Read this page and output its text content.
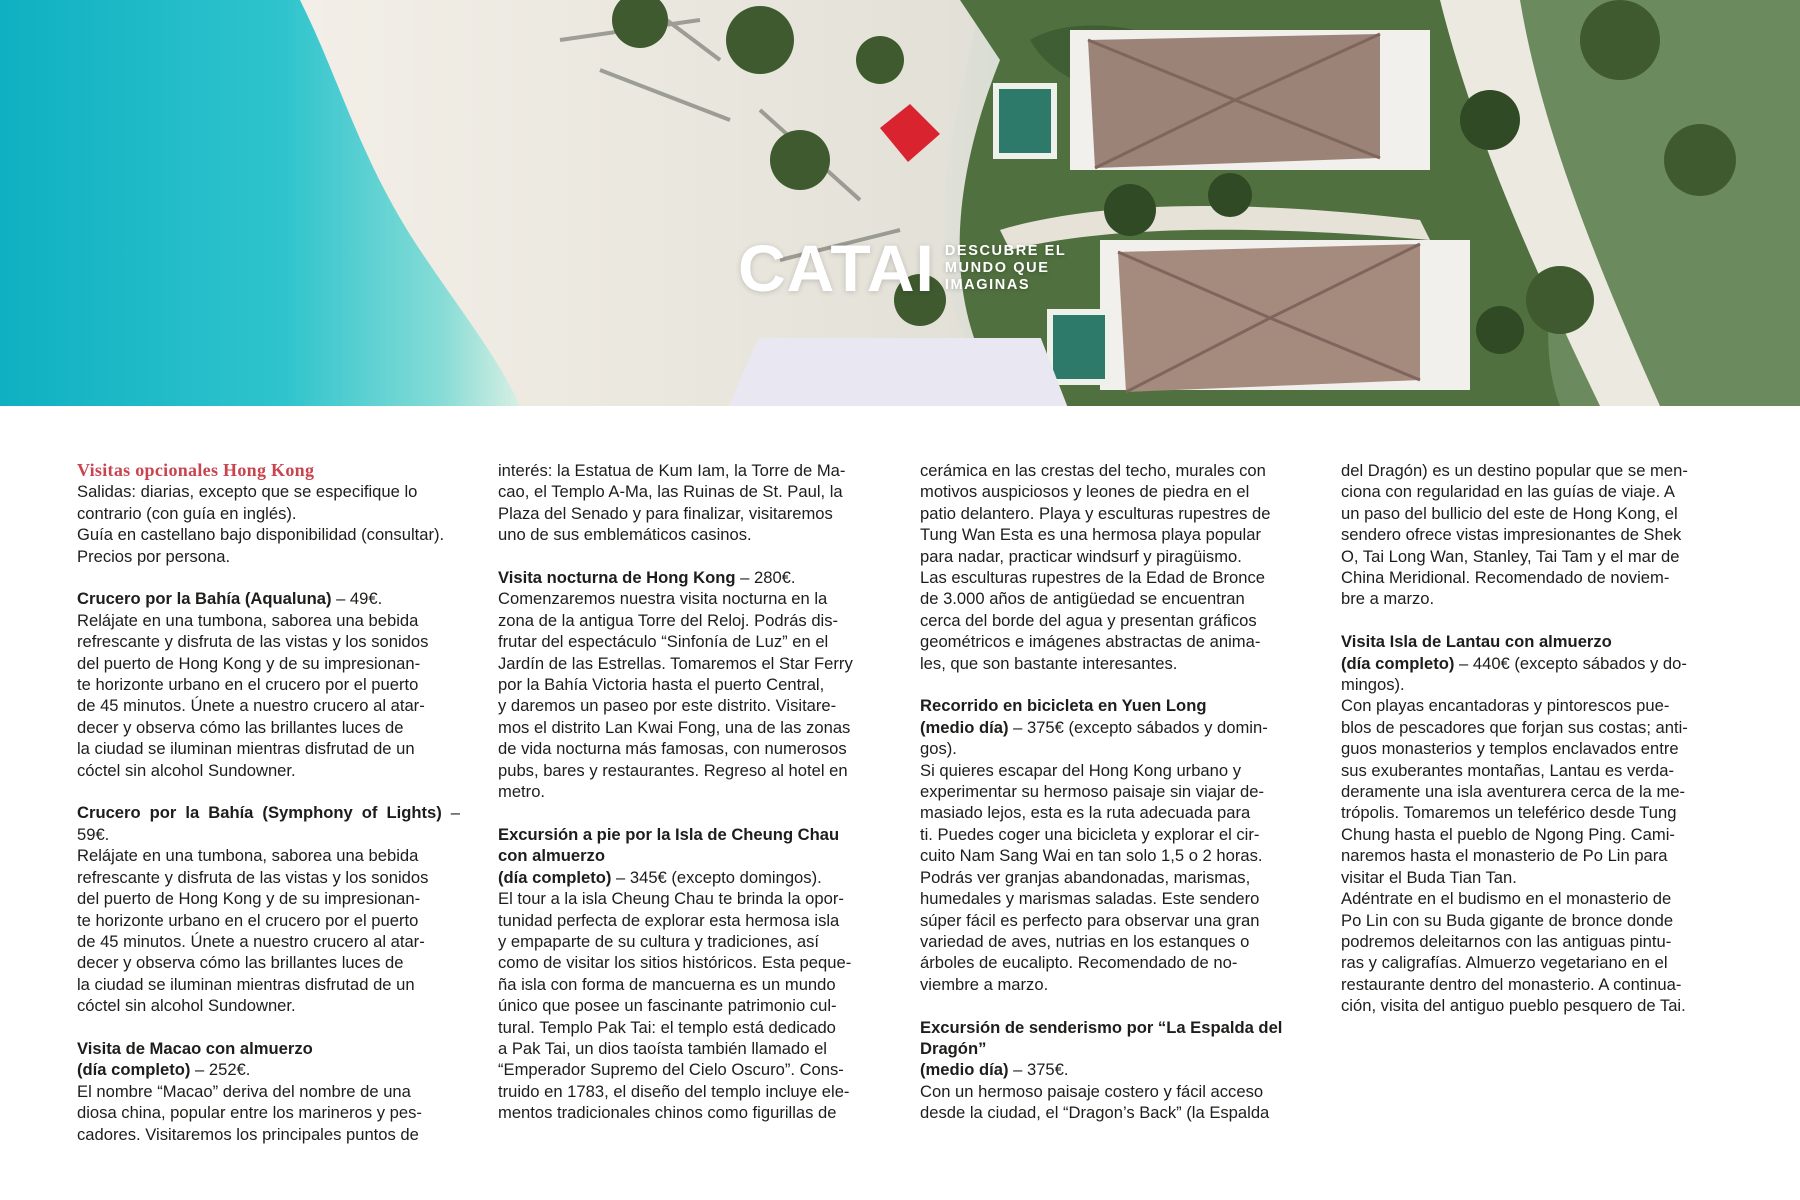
CATAI DESCUBRE EL
MUNDO QUE
IMAGINAS

Visitas opcionales Hong Kong

Salidas: diarias, excepto que se especifique lo

contrario (con guía en inglés).

Guía en castellano bajo disponibilidad (consultar).

Precios por persona.

Crucero por la Bahía (Aqualuna) – 49€.

Relájate en una tumbona, saborea una bebida

refrescante y disfruta de las vistas y los sonidos

del puerto de Hong Kong y de su impresionan-

te horizonte urbano en el crucero por el puerto

de 45 minutos. Únete a nuestro crucero al atar-

decer y observa cómo las brillantes luces de

la ciudad se iluminan mientras disfrutad de un

cóctel sin alcohol Sundowner.

Crucero por la Bahía (Symphony of Lights) – 59€.

Relájate en una tumbona, saborea una bebida

refrescante y disfruta de las vistas y los sonidos

del puerto de Hong Kong y de su impresionan-

te horizonte urbano en el crucero por el puerto

de 45 minutos. Únete a nuestro crucero al atar-

decer y observa cómo las brillantes luces de

la ciudad se iluminan mientras disfrutad de un

cóctel sin alcohol Sundowner.

Visita de Macao con almuerzo

(día completo) – 252€.

El nombre “Macao” deriva del nombre de una

diosa china, popular entre los marineros y pes-

cadores. Visitaremos los principales puntos de

interés: la Estatua de Kum Iam, la Torre de Ma-

cao, el Templo A-Ma, las Ruinas de St. Paul, la

Plaza del Senado y para finalizar, visitaremos

uno de sus emblemáticos casinos.

Visita nocturna de Hong Kong – 280€.

Comenzaremos nuestra visita nocturna en la

zona de la antigua Torre del Reloj. Podrás dis-

frutar del espectáculo “Sinfonía de Luz” en el

Jardín de las Estrellas. Tomaremos el Star Ferry

por la Bahía Victoria hasta el puerto Central,

y daremos un paseo por este distrito. Visitare-

mos el distrito Lan Kwai Fong, una de las zonas

de vida nocturna más famosas, con numerosos

pubs, bares y restaurantes. Regreso al hotel en

metro.

Excursión a pie por la Isla de Cheung Chau

con almuerzo

(día completo) – 345€ (excepto domingos).

El tour a la isla Cheung Chau te brinda la opor-

tunidad perfecta de explorar esta hermosa isla

y empaparte de su cultura y tradiciones, así

como de visitar los sitios históricos. Esta peque-

ña isla con forma de mancuerna es un mundo

único que posee un fascinante patrimonio cul-

tural. Templo Pak Tai: el templo está dedicado

a Pak Tai, un dios taoísta también llamado el

“Emperador Supremo del Cielo Oscuro”. Cons-

truido en 1783, el diseño del templo incluye ele-

mentos tradicionales chinos como figurillas de

cerámica en las crestas del techo, murales con

motivos auspiciosos y leones de piedra en el

patio delantero. Playa y esculturas rupestres de

Tung Wan Esta es una hermosa playa popular

para nadar, practicar windsurf y piragüismo.

Las esculturas rupestres de la Edad de Bronce

de 3.000 años de antigüedad se encuentran

cerca del borde del agua y presentan gráficos

geométricos e imágenes abstractas de anima-

les, que son bastante interesantes.

Recorrido en bicicleta en Yuen Long

(medio día) – 375€ (excepto sábados y domin-

gos).

Si quieres escapar del Hong Kong urbano y

experimentar su hermoso paisaje sin viajar de-

masiado lejos, esta es la ruta adecuada para

ti. Puedes coger una bicicleta y explorar el cir-

cuito Nam Sang Wai en tan solo 1,5 o 2 horas.

Podrás ver granjas abandonadas, marismas,

humedales y marismas saladas. Este sendero

súper fácil es perfecto para observar una gran

variedad de aves, nutrias en los estanques o

árboles de eucalipto. Recomendado de no-

viembre a marzo.

Excursión de senderismo por “La Espalda del

Dragón”

(medio día) – 375€.

Con un hermoso paisaje costero y fácil acceso

desde la ciudad, el “Dragon’s Back” (la Espalda

del Dragón) es un destino popular que se men-

ciona con regularidad en las guías de viaje. A

un paso del bullicio del este de Hong Kong, el

sendero ofrece vistas impresionantes de Shek

O, Tai Long Wan, Stanley, Tai Tam y el mar de

China Meridional. Recomendado de noviem-

bre a marzo.

Visita Isla de Lantau con almuerzo

(día completo) – 440€ (excepto sábados y do-

mingos).

Con playas encantadoras y pintorescos pue-

blos de pescadores que forjan sus costas; anti-

guos monasterios y templos enclavados entre

sus exuberantes montañas, Lantau es verda-

deramente una isla aventurera cerca de la me-

trópolis. Tomaremos un teleférico desde Tung

Chung hasta el pueblo de Ngong Ping. Cami-

naremos hasta el monasterio de Po Lin para

visitar el Buda Tian Tan.

Adéntrate en el budismo en el monasterio de

Po Lin con su Buda gigante de bronce donde

podremos deleitarnos con las antiguas pintu-

ras y caligrafías. Almuerzo vegetariano en el

restaurante dentro del monasterio. A continua-

ción, visita del antiguo pueblo pesquero de Tai.
